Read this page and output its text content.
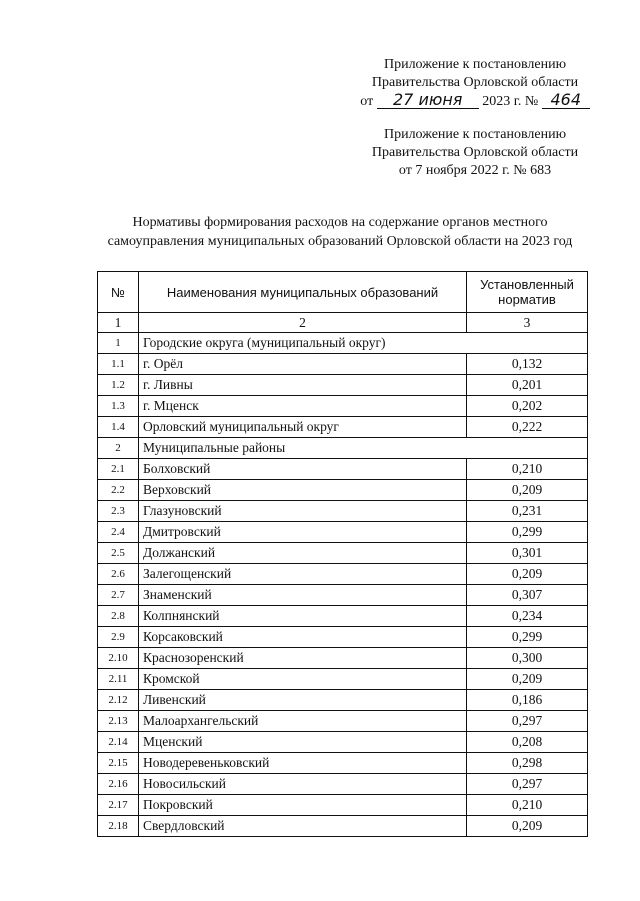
Приложение к постановлению
Правительства Орловской области
от 27 июня 2023 г. № 464
Приложение к постановлению
Правительства Орловской области
от 7 ноября 2022 г. № 683
Нормативы формирования расходов на содержание органов местного
самоуправления муниципальных образований Орловской области на 2023 год
№	Наименования муниципальных образований	Установленный норматив
1	2	3
1	Городские округа (муниципальный округ)	
1.1	г. Орёл	0,132
1.2	г. Ливны	0,201
1.3	г. Мценск	0,202
1.4	Орловский муниципальный округ	0,222
2	Муниципальные районы	
2.1	Болховский	0,210
2.2	Верховский	0,209
2.3	Глазуновский	0,231
2.4	Дмитровский	0,299
2.5	Должанский	0,301
2.6	Залегощенский	0,209
2.7	Знаменский	0,307
2.8	Колпнянский	0,234
2.9	Корсаковский	0,299
2.10	Краснозоренский	0,300
2.11	Кромской	0,209
2.12	Ливенский	0,186
2.13	Малоархангельский	0,297
2.14	Мценский	0,208
2.15	Новодеревеньковский	0,298
2.16	Новосильский	0,297
2.17	Покровский	0,210
2.18	Свердловский	0,209
